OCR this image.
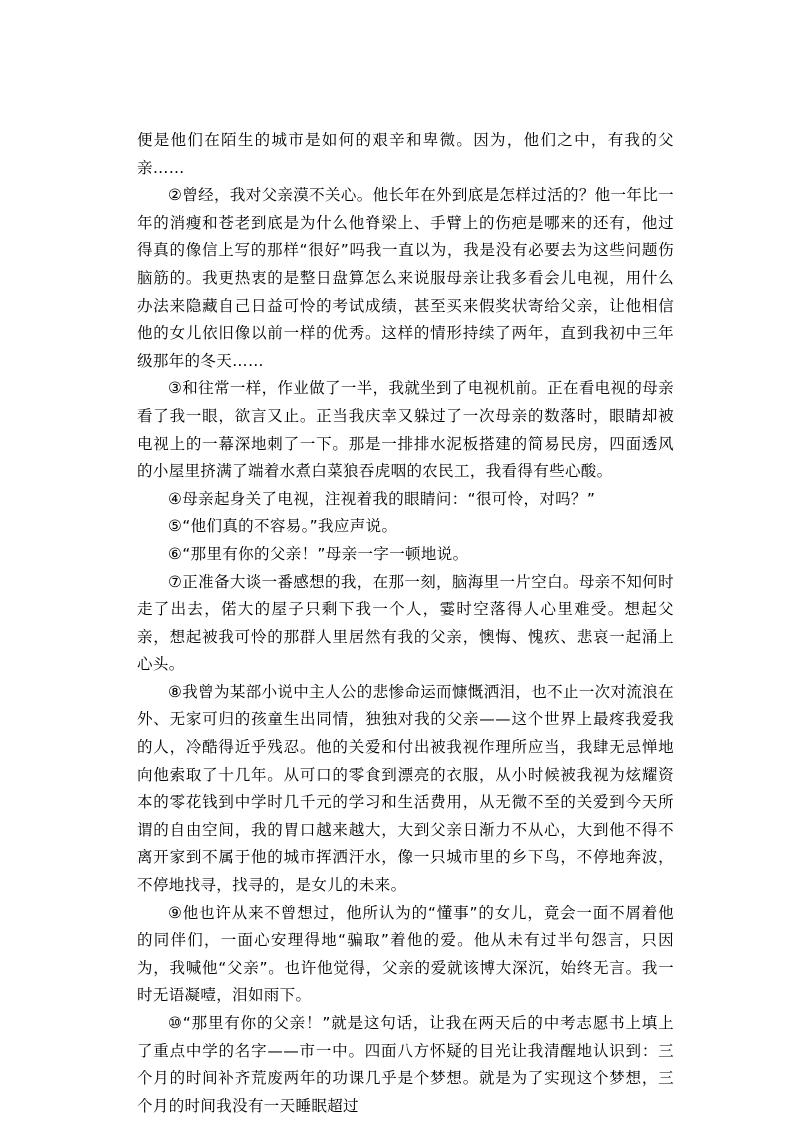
便是他们在陌生的城市是如何的艰辛和卑微。因为，他们之中，有我的父亲……

②曾经，我对父亲漠不关心。他长年在外到底是怎样过活的？他一年比一年的消瘦和苍老到底是为什么他脊梁上、手臂上的伤疤是哪来的还有，他过得真的像信上写的那样“很好”吗我一直以为，我是没有必要去为这些问题伤脑筋的。我更热衷的是整日盘算怎么来说服母亲让我多看会儿电视，用什么办法来隐藏自己日益可怜的考试成绩，甚至买来假奖状寄给父亲，让他相信他的女儿依旧像以前一样的优秀。这样的情形持续了两年，直到我初中三年级那年的冬天……

③和往常一样，作业做了一半，我就坐到了电视机前。正在看电视的母亲看了我一眼，欲言又止。正当我庆幸又躲过了一次母亲的数落时，眼睛却被电视上的一幕深地刺了一下。那是一排排水泥板搭建的简易民房，四面透风的小屋里挤满了端着水煮白菜狼吞虎咽的农民工，我看得有些心酸。

④母亲起身关了电视，注视着我的眼睛问：“很可怜，对吗？”

⑤“他们真的不容易。”我应声说。

⑥“那里有你的父亲！”母亲一字一顿地说。

⑦正准备大谈一番感想的我，在那一刻，脑海里一片空白。母亲不知何时走了出去，偌大的屋子只剩下我一个人，霎时空落得人心里难受。想起父亲，想起被我可怜的那群人里居然有我的父亲，懊悔、愧疚、悲哀一起涌上心头。

⑧我曾为某部小说中主人公的悲惨命运而慷慨洒泪，也不止一次对流浪在外、无家可归的孩童生出同情，独独对我的父亲——这个世界上最疼我爱我的人，冷酷得近乎残忍。他的关爱和付出被我视作理所应当，我肆无忌惮地向他索取了十几年。从可口的零食到漂亮的衣服，从小时候被我视为炫耀资本的零花钱到中学时几千元的学习和生活费用，从无微不至的关爱到今天所谓的自由空间，我的胃口越来越大，大到父亲日渐力不从心，大到他不得不离开家到不属于他的城市挥洒汗水，像一只城市里的乡下鸟，不停地奔波，不停地找寻，找寻的，是女儿的未来。

⑨他也许从来不曾想过，他所认为的“懂事”的女儿，竟会一面不屑着他的同伴们，一面心安理得地“骗取”着他的爱。他从未有过半句怨言，只因为，我喊他“父亲”。也许他觉得，父亲的爱就该博大深沉，始终无言。我一时无语凝噎，泪如雨下。

⑩“那里有你的父亲！”就是这句话，让我在两天后的中考志愿书上填上了重点中学的名字——市一中。四面八方怀疑的目光让我清醒地认识到：三个月的时间补齐荒废两年的功课几乎是个梦想。就是为了实现这个梦想，三个月的时间我没有一天睡眠超过
